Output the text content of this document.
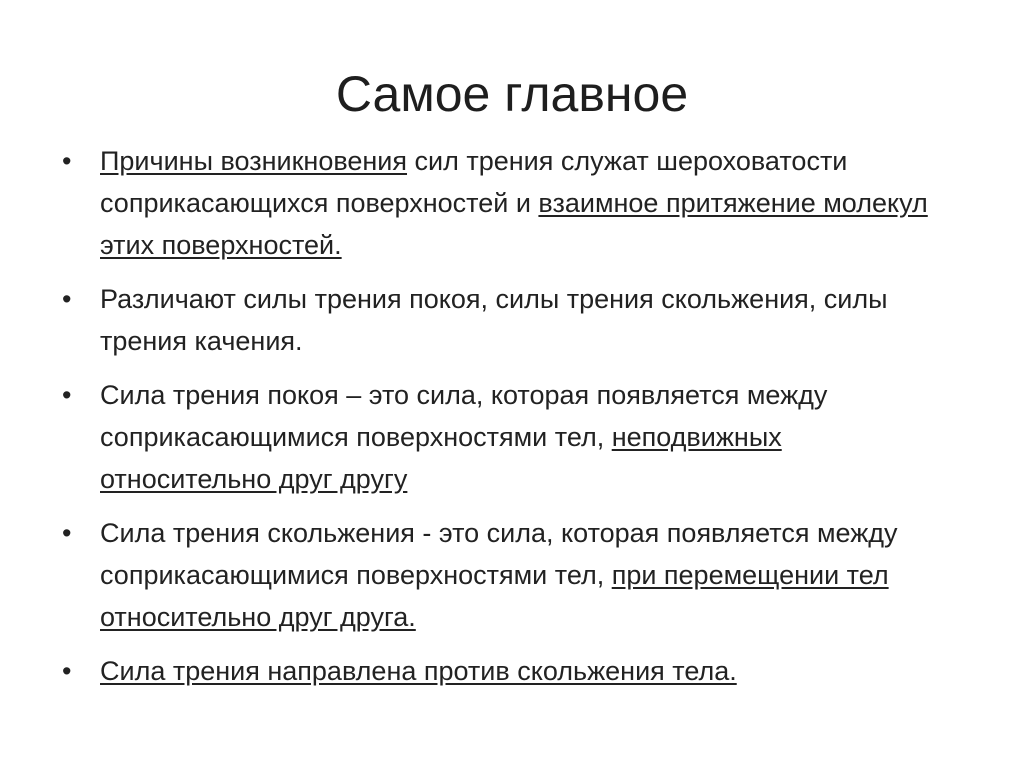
Самое главное
• Причины возникновения сил трения служат шероховатости соприкасающихся поверхностей и взаимное притяжение молекул этих поверхностей.
• Различают силы трения покоя, силы трения скольжения, силы трения качения.
• Сила трения покоя – это сила, которая появляется между соприкасающимися поверхностями тел, неподвижных относительно друг другу
• Сила трения скольжения - это сила, которая появляется между соприкасающимися поверхностями тел, при перемещении тел относительно друг друга.
• Сила трения направлена против скольжения тела.
